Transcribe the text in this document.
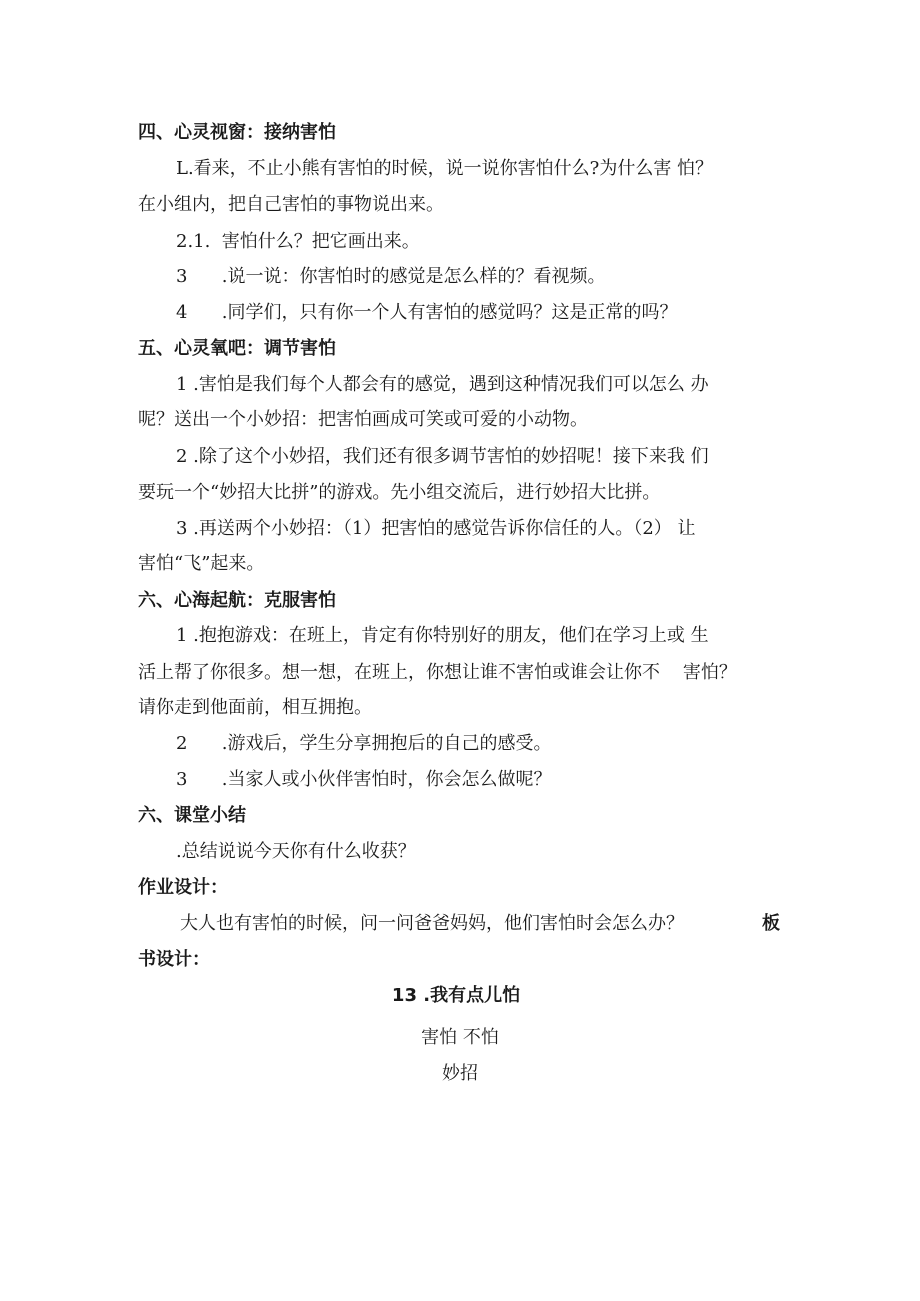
四、心灵视窗：接纳害怕
L.看来，不止小熊有害怕的时候，说一说你害怕什么?为什么害 怕？
在小组内，把自己害怕的事物说出来。
2.1.  害怕什么？把它画出来。
3      .说一说：你害怕时的感觉是怎么样的？看视频。
4      .同学们，只有你一个人有害怕的感觉吗？这是正常的吗？
五、心灵氧吧：调节害怕
1 .害怕是我们每个人都会有的感觉，遇到这种情况我们可以怎么 办
呢？送出一个小妙招：把害怕画成可笑或可爱的小动物。
2 .除了这个小妙招，我们还有很多调节害怕的妙招呢！接下来我 们
要玩一个“妙招大比拼”的游戏。先小组交流后，进行妙招大比拼。
3 .再送两个小妙招：（1）把害怕的感觉告诉你信任的人。（2） 让
害怕“飞”起来。
六、心海起航：克服害怕
1 .抱抱游戏：在班上，肯定有你特别好的朋友，他们在学习上或 生
活上帮了你很多。想一想，在班上，你想让谁不害怕或谁会让你不    害怕？
请你走到他面前，相互拥抱。
2      .游戏后，学生分享拥抱后的自己的感受。
3      .当家人或小伙伴害怕时，你会怎么做呢？
六、课堂小结
.总结说说今天你有什么收获？
作业设计：
大人也有害怕的时候，问一问爸爸妈妈，他们害怕时会怎么办？	板
书设计：
13 .我有点儿怕
害怕 不怕
妙招
